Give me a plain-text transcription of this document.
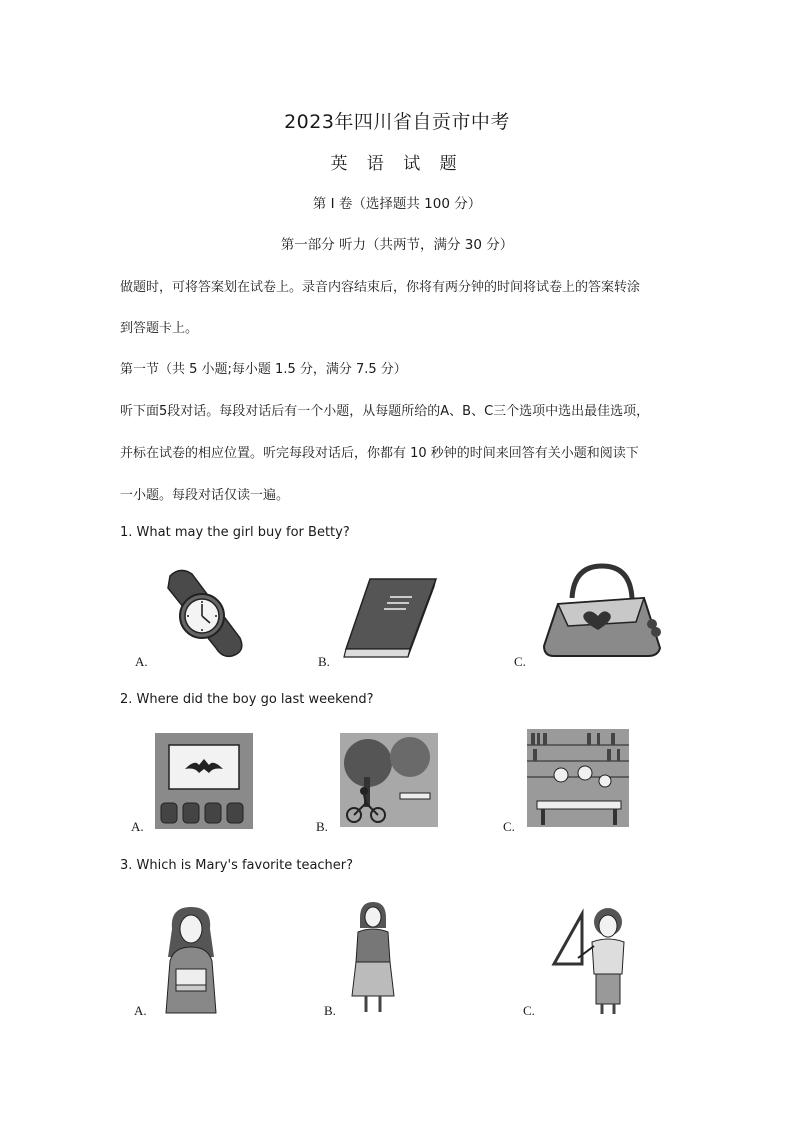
2023年四川省自贡市中考
英 语 试 题
第 I 卷（选择题共 100 分）
第一部分 听力（共两节，满分 30 分）
做题时，可将答案划在试卷上。录音内容结束后，你将有两分钟的时间将试卷上的答案转涂
到答题卡上。
第一节（共 5 小题;每小题 1.5 分，满分 7.5 分）
听下面5段对话。每段对话后有一个小题，从每题所给的A、B、C三个选项中选出最佳选项，
并标在试卷的相应位置。听完每段对话后，你都有 10 秒钟的时间来回答有关小题和阅读下
一小题。每段对话仅读一遍。
1. What may the girl buy for Betty?
A.	B.	C.
2. Where did the boy go last weekend?
A.	B.	C.
3. Which is Mary's favorite teacher?
A.	B.	C.
